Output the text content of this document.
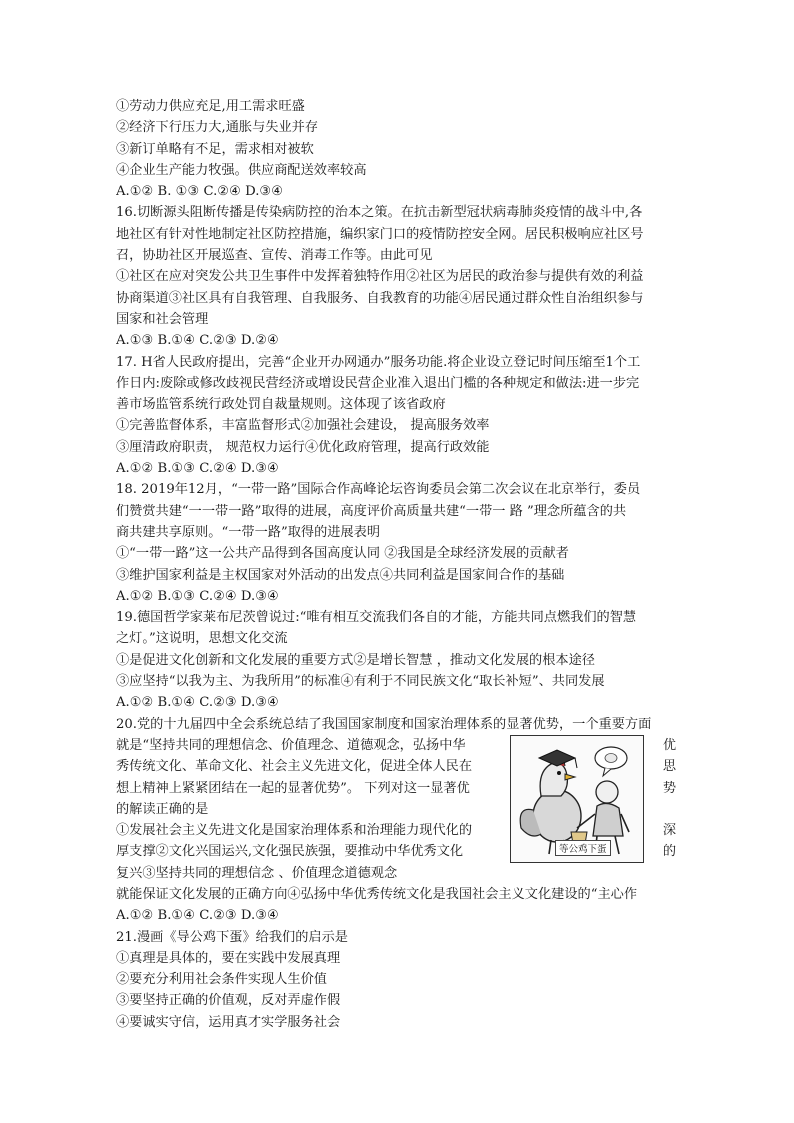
①劳动力供应充足,用工需求旺盛
②经济下行压力大,通胀与失业并存
③新订单略有不足，需求相对被软
④企业生产能力牧强。供应商配送效率较高
A.①② B. ①③ C.②④ D.③④
16.切断源头阻断传播是传染病防控的治本之策。在抗击新型冠状病毒肺炎疫情的战斗中,各
地社区有针对性地制定社区防控措施，编织家门口的疫情防控安全网。居民积极响应社区号
召，协助社区开展巡查、宣传、消毒工作等。由此可见
①社区在应对突发公共卫生事件中发挥着独特作用②社区为居民的政治参与提供有效的利益
协商渠道③社区具有自我管理、自我服务、自我教育的功能④居民通过群众性自治组织参与
国家和社会管理
A.①③ B.①④ C.②③ D.②④
17. H省人民政府提出，完善“企业开办网通办”服务功能.将企业设立登记时间压缩至1个工
作日内:废除或修改歧视民营经济或增设民营企业准入退出门槛的各种规定和做法:进一步完
善市场监管系统行政处罚自裁量规则。这体现了该省政府
①完善监督体系，丰富监督形式②加强社会建设， 提高服务效率
③厘清政府职责， 规范权力运行④优化政府管理，提高行政效能
A.①② B.①③ C.②④ D.③④
18. 2019年12月，“一带一路”国际合作高峰论坛咨询委员会第二次会议在北京举行，委员
们赞赏共建“一一带一路”取得的进展，高度评价高质量共建“一带一 路 ”理念所蕴含的共
商共建共享原则。“一带一路”取得的进展表明
①“一带一路”这一公共产品得到各国高度认同 ②我国是全球经济发展的贡献者
③维护国家利益是主权国家对外活动的出发点④共同利益是国家间合作的基础
A.①② B.①③ C.②④ D.③④
19.德国哲学家莱布尼茨曾说过:“唯有相互交流我们各自的才能，方能共同点燃我们的智慧
之灯。”这说明，思想文化交流
①是促进文化创新和文化发展的重要方式②是增长智慧 ，推动文化发展的根本途径
③应坚持“以我为主、为我所用”的标准④有利于不同民族文化“取长补短”、共同发展
A.①② B.①④ C.②③ D.③④
20.党的十九届四中全会系统总结了我国国家制度和国家治理体系的显著优势，一个重要方面
就是“坚持共同的理想信念、价值理念、道德观念，弘扬中华	优
秀传统文化、革命文化、社会主义先进文化，促进全体人民在	思
想上精神上紧紧团结在一起的显著优势”。 下列对这一显著优	势
的解读正确的是
①发展社会主义先进文化是国家治理体系和治理能力现代化的	深
厚支撑②文化兴国运兴,文化强民族强，要推动中华优秀文化	的
复兴③坚持共同的理想信念 、价值理念道德观念
就能保证文化发展的正确方向④弘扬中华优秀传统文化是我国社会主义文化建设的“主心作
A.①② B.①④ C.②③ D.③④
等公鸡下蛋
21.漫画《导公鸡下蛋》给我们的启示是
①真理是具体的，要在实践中发展真理
②要充分利用社会条件实现人生价值
③要坚持正确的价值观，反对弄虚作假
④要诚实守信，运用真才实学服务社会
